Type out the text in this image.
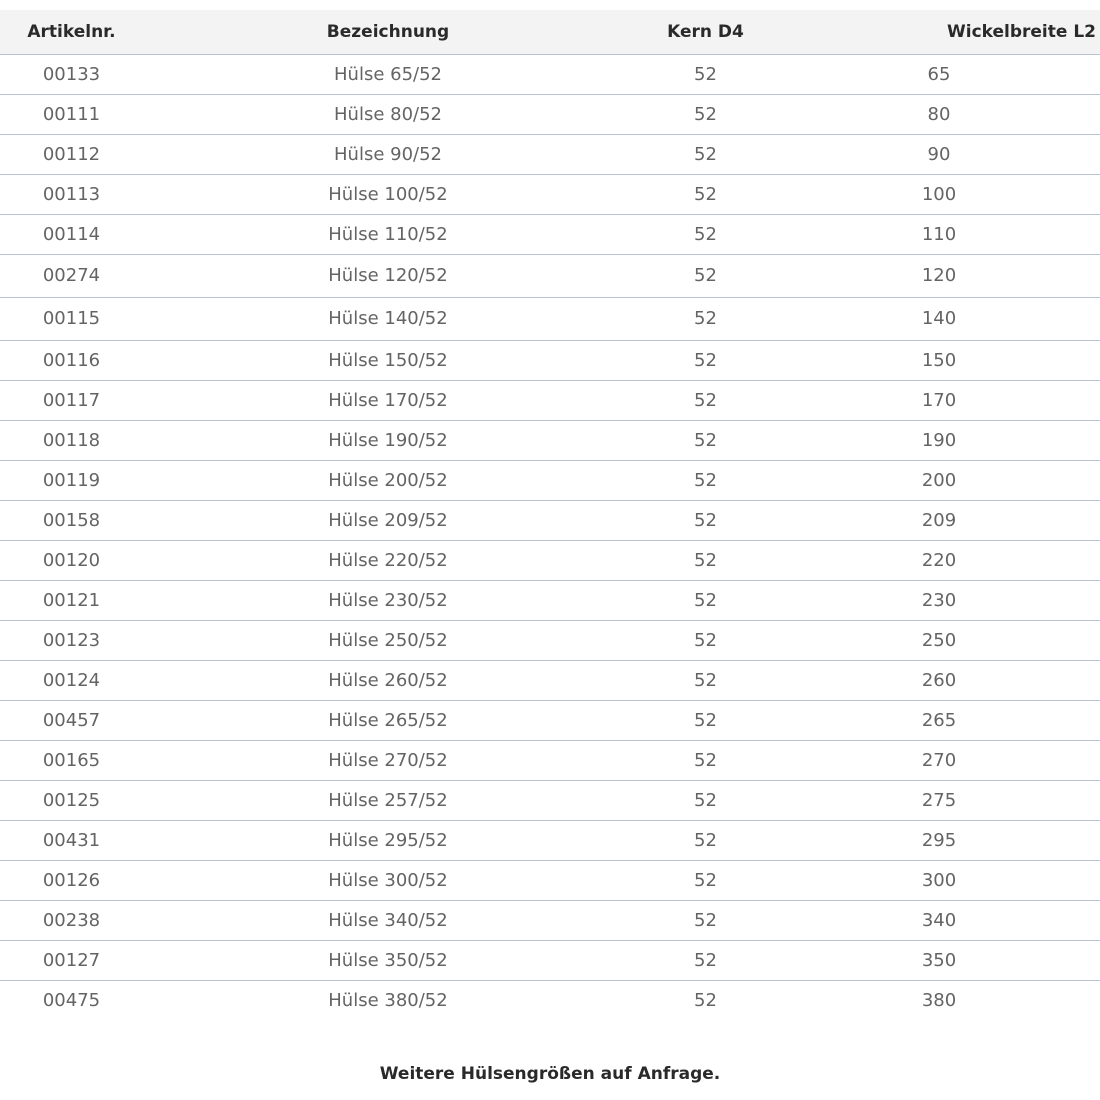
Artikelnr.	Bezeichnung	Kern D4	Wickelbreite L2
00133	Hülse 65/52	52	65
00111	Hülse 80/52	52	80
00112	Hülse 90/52	52	90
00113	Hülse 100/52	52	100
00114	Hülse 110/52	52	110
00274	Hülse 120/52	52	120
00115	Hülse 140/52	52	140
00116	Hülse 150/52	52	150
00117	Hülse 170/52	52	170
00118	Hülse 190/52	52	190
00119	Hülse 200/52	52	200
00158	Hülse 209/52	52	209
00120	Hülse 220/52	52	220
00121	Hülse 230/52	52	230
00123	Hülse 250/52	52	250
00124	Hülse 260/52	52	260
00457	Hülse 265/52	52	265
00165	Hülse 270/52	52	270
00125	Hülse 257/52	52	275
00431	Hülse 295/52	52	295
00126	Hülse 300/52	52	300
00238	Hülse 340/52	52	340
00127	Hülse 350/52	52	350
00475	Hülse 380/52	52	380
Weitere Hülsengrößen auf Anfrage.
